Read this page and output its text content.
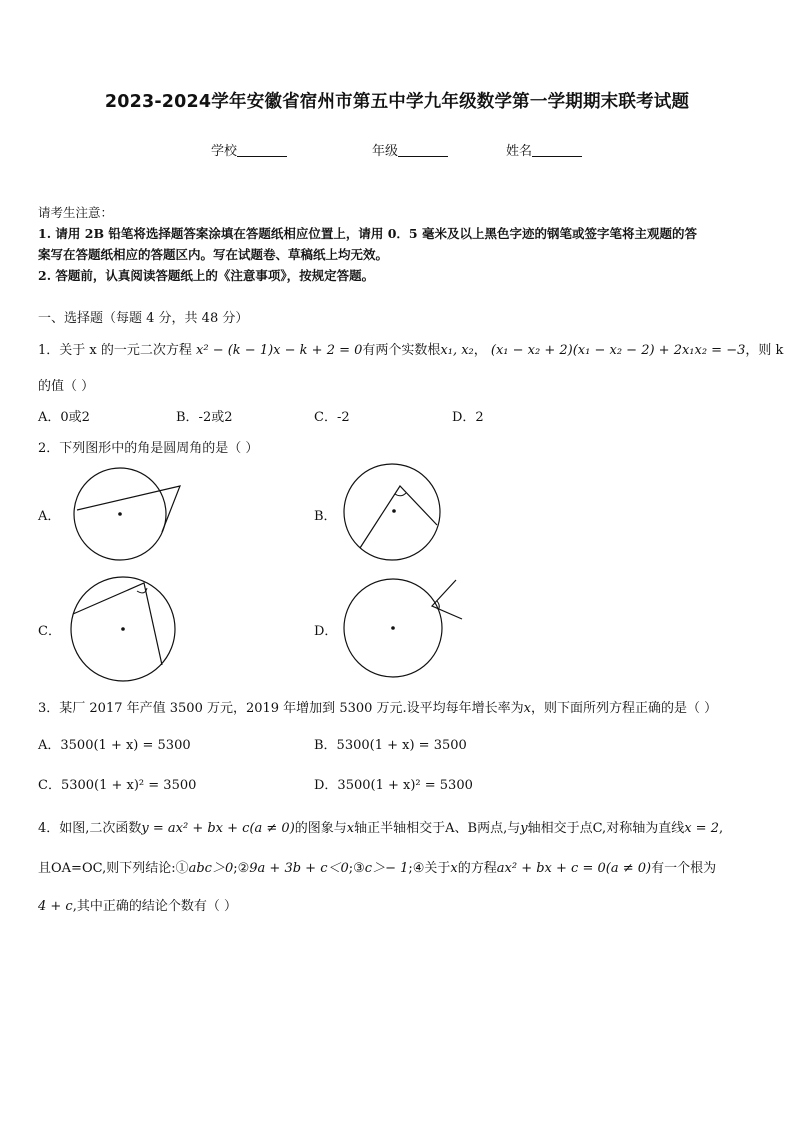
2023-2024学年安徽省宿州市第五中学九年级数学第一学期期末联考试题
学校	年级	姓名
请考生注意：
1. 请用 2B 铅笔将选择题答案涂填在答题纸相应位置上，请用 0．5 毫米及以上黑色字迹的钢笔或签字笔将主观题的答
案写在答题纸相应的答题区内。写在试题卷、草稿纸上均无效。
2. 答题前，认真阅读答题纸上的《注意事项》，按规定答题。
一、选择题（每题 4 分，共 48 分）
1．关于 x 的一元二次方程 x² − (k − 1)x − k + 2 = 0有两个实数根x₁, x₂， (x₁ − x₂ + 2)(x₁ − x₂ − 2) + 2x₁x₂ = −3，则 k
的值（ ）
A．0或2	B．-2或2	C．-2	D．2
2．下列图形中的角是圆周角的是（ ）
A．	B．
C．	D．
3．某厂 2017 年产值 3500 万元，2019 年增加到 5300 万元.设平均每年增长率为x，则下面所列方程正确的是（ ）
A．3500(1 + x) = 5300	B．5300(1 + x) = 3500
C．5300(1 + x)² = 3500	D．3500(1 + x)² = 5300
4．如图,二次函数y = ax² + bx + c(a ≠ 0)的图象与x轴正半轴相交于A、B两点,与y轴相交于点C,对称轴为直线x = 2,
且OA=OC,则下列结论:①abc＞0;②9a + 3b + c＜0;③c＞− 1;④关于x的方程ax² + bx + c = 0(a ≠ 0)有一个根为
4 + c,其中正确的结论个数有（ ）
